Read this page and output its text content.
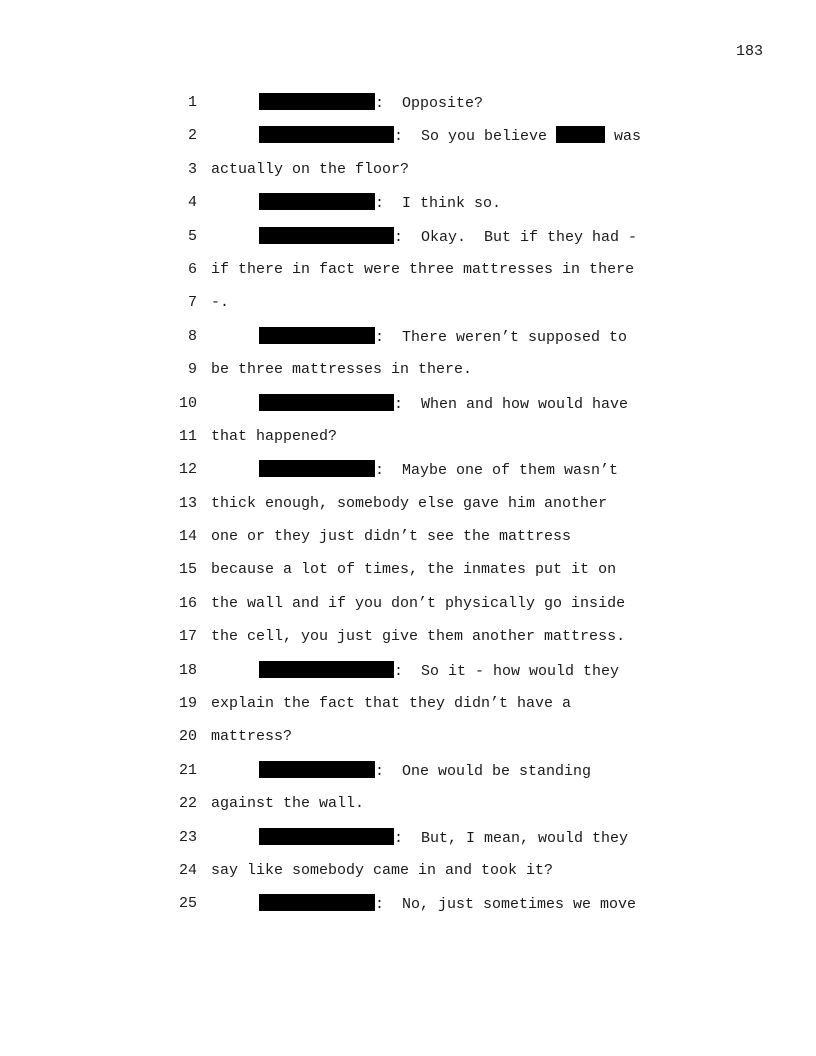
183
1	:  Opposite?
2	:  So you believe	was
3 actually on the floor?
4	:  I think so.
5	:  Okay.  But if they had -
6 if there in fact were three mattresses in there
7 -.
8	:  There weren’t supposed to
9 be three mattresses in there.
10	:  When and how would have
11 that happened?
12	:  Maybe one of them wasn’t
13 thick enough, somebody else gave him another
14 one or they just didn’t see the mattress
15 because a lot of times, the inmates put it on
16 the wall and if you don’t physically go inside
17 the cell, you just give them another mattress.
18	:  So it - how would they
19 explain the fact that they didn’t have a
20 mattress?
21	:  One would be standing
22 against the wall.
23	:  But, I mean, would they
24 say like somebody came in and took it?
25	:  No, just sometimes we move
